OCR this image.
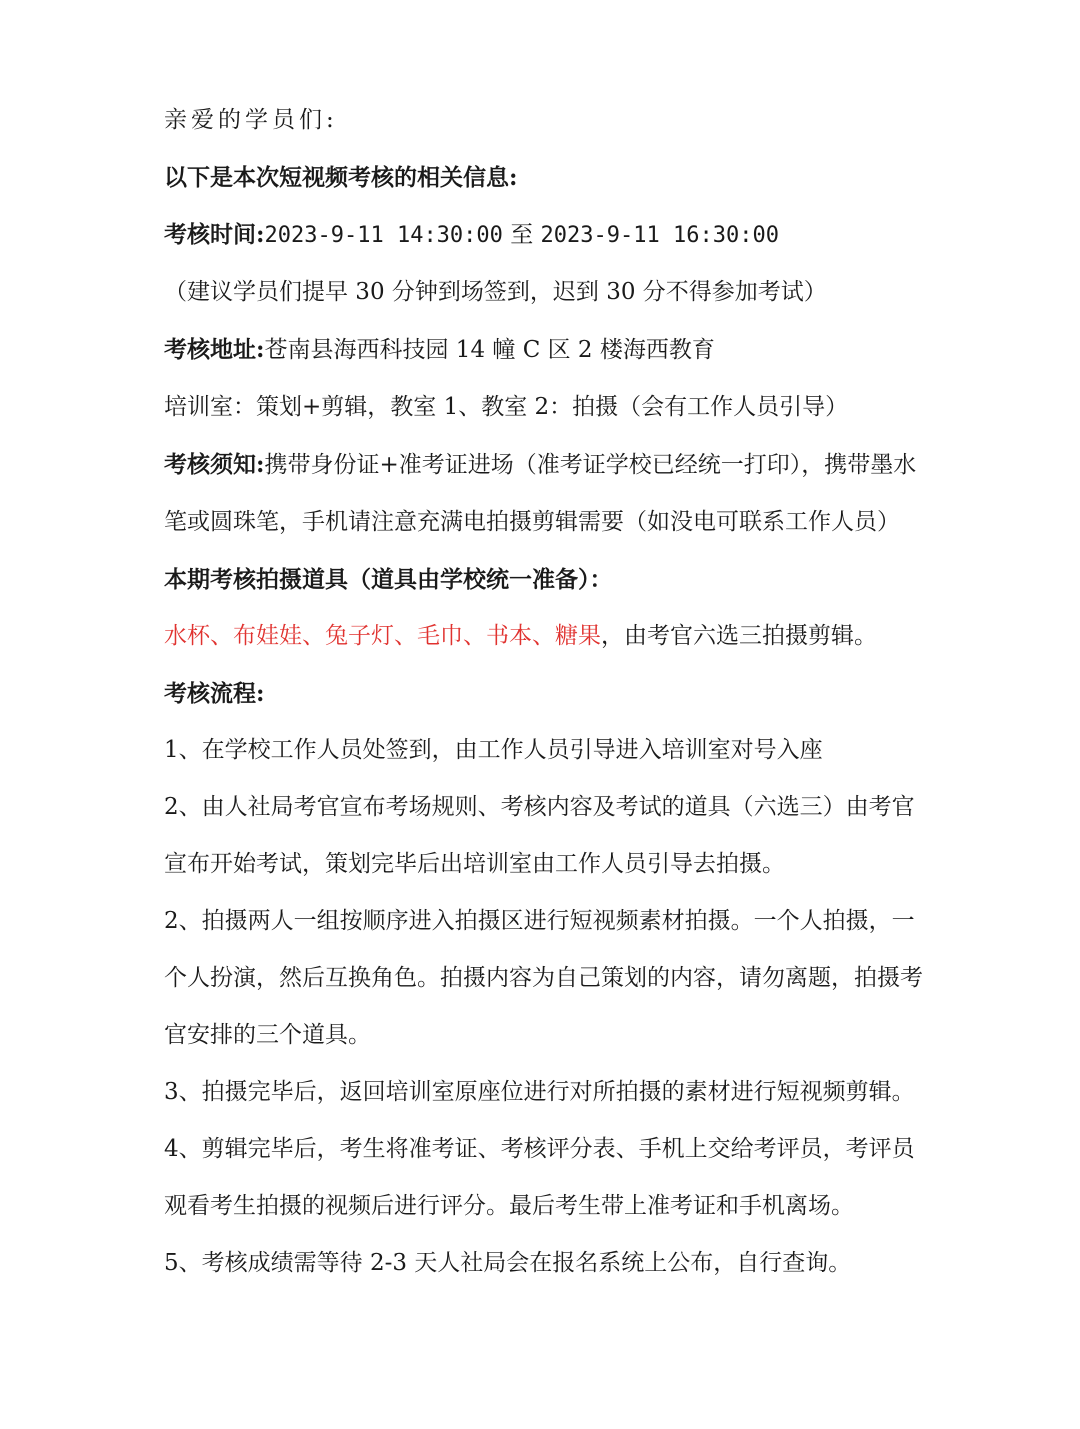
亲爱的学员们:
以下是本次短视频考核的相关信息:
考核时间:2023-9-11 14:30:00 至 2023-9-11 16:30:00
（建议学员们提早 30 分钟到场签到，迟到 30 分不得参加考试）
考核地址:苍南县海西科技园 14 幢 C 区 2 楼海西教育
培训室：策划+剪辑，教室 1、教室 2：拍摄（会有工作人员引导）
考核须知:携带身份证+准考证进场（准考证学校已经统一打印），携带墨水笔或圆珠笔，手机请注意充满电拍摄剪辑需要（如没电可联系工作人员）
本期考核拍摄道具（道具由学校统一准备）：
水杯、布娃娃、兔子灯、毛巾、书本、糖果，由考官六选三拍摄剪辑。
考核流程:
1、在学校工作人员处签到，由工作人员引导进入培训室对号入座
2、由人社局考官宣布考场规则、考核内容及考试的道具（六选三）由考官宣布开始考试，策划完毕后出培训室由工作人员引导去拍摄。
2、拍摄两人一组按顺序进入拍摄区进行短视频素材拍摄。一个人拍摄，一个人扮演，然后互换角色。拍摄内容为自己策划的内容，请勿离题，拍摄考官安排的三个道具。
3、拍摄完毕后，返回培训室原座位进行对所拍摄的素材进行短视频剪辑。
4、剪辑完毕后，考生将准考证、考核评分表、手机上交给考评员，考评员观看考生拍摄的视频后进行评分。最后考生带上准考证和手机离场。
5、考核成绩需等待 2-3 天人社局会在报名系统上公布，自行查询。
